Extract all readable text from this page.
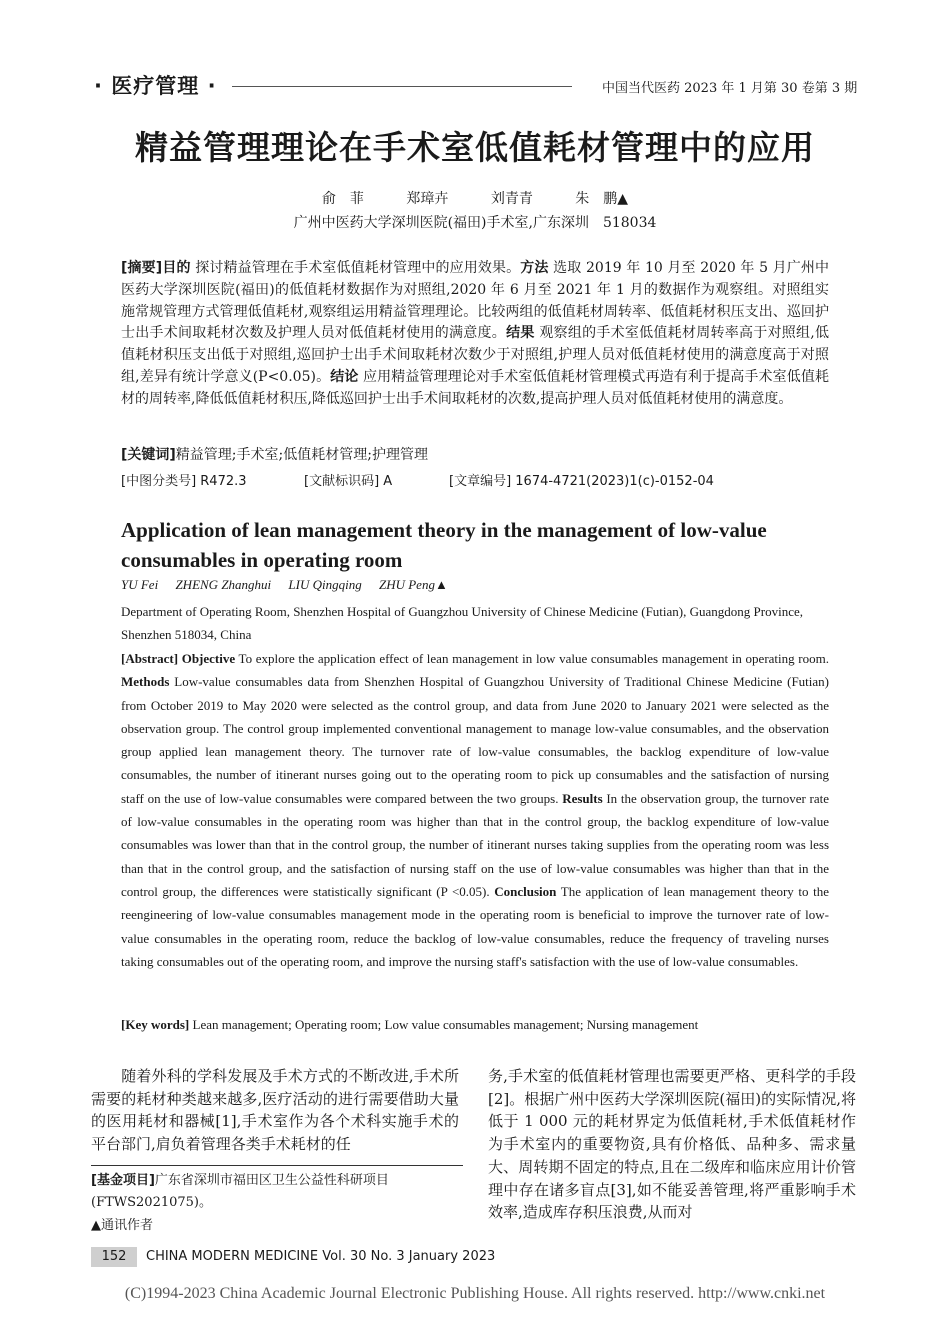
· 医疗管理 ·	中国当代医药 2023 年 1 月第 30 卷第 3 期
精益管理理论在手术室低值耗材管理中的应用
俞　菲	郑璋卉	刘青青	朱　鹏▲
广州中医药大学深圳医院(福田)手术室,广东深圳　518034
[摘要]目的 探讨精益管理在手术室低值耗材管理中的应用效果。方法 选取 2019 年 10 月至 2020 年 5 月广州中医药大学深圳医院(福田)的低值耗材数据作为对照组,2020 年 6 月至 2021 年 1 月的数据作为观察组。对照组实施常规管理方式管理低值耗材,观察组运用精益管理理论。比较两组的低值耗材周转率、低值耗材积压支出、巡回护士出手术间取耗材次数及护理人员对低值耗材使用的满意度。结果 观察组的手术室低值耗材周转率高于对照组,低值耗材积压支出低于对照组,巡回护士出手术间取耗材次数少于对照组,护理人员对低值耗材使用的满意度高于对照组,差异有统计学意义(P<0.05)。结论 应用精益管理理论对手术室低值耗材管理模式再造有利于提高手术室低值耗材的周转率,降低低值耗材积压,降低巡回护士出手术间取耗材的次数,提高护理人员对低值耗材使用的满意度。
[关键词]精益管理;手术室;低值耗材管理;护理管理
[中图分类号] R472.3	[文献标识码] A	[文章编号] 1674-4721(2023)1(c)-0152-04
Application of lean management theory in the management of low-value consumables in operating room
YU Fei ZHENG Zhanghui LIU Qingqing ZHU Peng▲
Department of Operating Room, Shenzhen Hospital of Guangzhou University of Chinese Medicine (Futian), Guangdong Province, Shenzhen 518034, China
[Abstract] Objective To explore the application effect of lean management in low value consumables management in operating room. Methods Low-value consumables data from Shenzhen Hospital of Guangzhou University of Traditional Chinese Medicine (Futian) from October 2019 to May 2020 were selected as the control group, and data from June 2020 to January 2021 were selected as the observation group. The control group implemented conventional management to manage low-value consumables, and the observation group applied lean management theory. The turnover rate of low-value consumables, the backlog expenditure of low-value consumables, the number of itinerant nurses going out to the operating room to pick up consumables and the satisfaction of nursing staff on the use of low-value consumables were compared between the two groups. Results In the observation group, the turnover rate of low-value consumables in the operating room was higher than that in the control group, the backlog expenditure of low-value consumables was lower than that in the control group, the number of itinerant nurses taking supplies from the operating room was less than that in the control group, and the satisfaction of nursing staff on the use of low-value consumables was higher than that in the control group, the differences were statistically significant (P <0.05). Conclusion The application of lean management theory to the reengineering of low-value consumables management mode in the operating room is beneficial to improve the turnover rate of low-value consumables in the operating room, reduce the backlog of low-value consumables, reduce the frequency of traveling nurses taking consumables out of the operating room, and improve the nursing staff's satisfaction with the use of low-value consumables.
[Key words] Lean management; Operating room; Low value consumables management; Nursing management

　　随着外科的学科发展及手术方式的不断改进,手术所需要的耗材种类越来越多,医疗活动的进行需要借助大量的医用耗材和器械[1],手术室作为各个术科实施手术的平台部门,肩负着管理各类手术耗材的任

务,手术室的低值耗材管理也需要更严格、更科学的手段[2]。根据广州中医药大学深圳医院(福田)的实际情况,将低于 1 000 元的耗材界定为低值耗材,手术低值耗材作为手术室内的重要物资,具有价格低、品种多、需求量大、周转期不固定的特点,且在二级库和临床应用计价管理中存在诸多盲点[3],如不能妥善管理,将严重影响手术效率,造成库存积压浪费,从而对

[基金项目]广东省深圳市福田区卫生公益性科研项目(FTWS2021075)。
▲通讯作者
152	CHINA MODERN MEDICINE Vol. 30 No. 3 January 2023
(C)1994-2023 China Academic Journal Electronic Publishing House. All rights reserved. http://www.cnki.net
